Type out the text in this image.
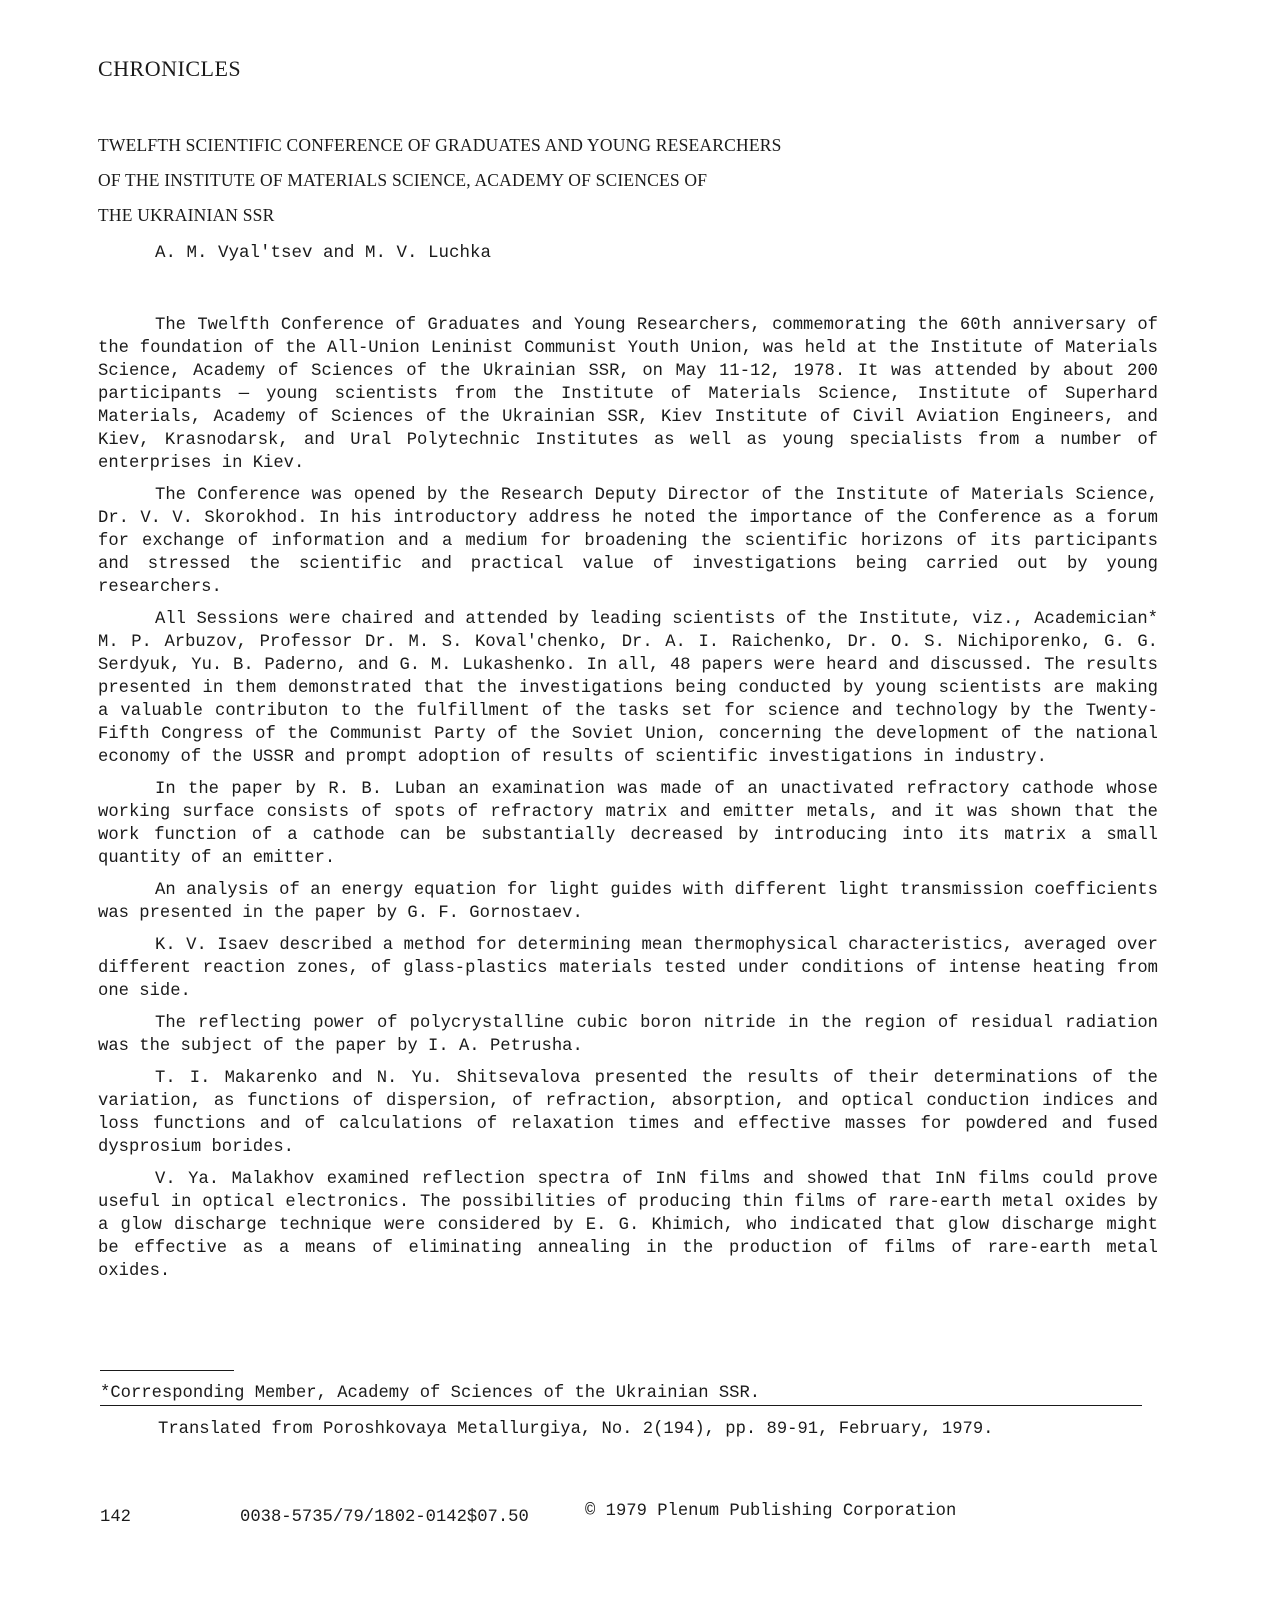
CHRONICLES
TWELFTH SCIENTIFIC CONFERENCE OF GRADUATES AND YOUNG RESEARCHERS
OF THE INSTITUTE OF MATERIALS SCIENCE, ACADEMY OF SCIENCES OF
THE UKRAINIAN SSR

A. M. Vyal'tsev and M. V. Luchka

The Twelfth Conference of Graduates and Young Researchers, commemorating the 60th anniversary of the foundation of the All-Union Leninist Communist Youth Union, was held at the Institute of Materials Science, Academy of Sciences of the Ukrainian SSR, on May 11-12, 1978. It was attended by about 200 participants — young scientists from the Institute of Materials Science, Institute of Superhard Materials, Academy of Sciences of the Ukrainian SSR, Kiev Institute of Civil Aviation Engineers, and Kiev, Krasnodarsk, and Ural Polytechnic Institutes as well as young specialists from a number of enterprises in Kiev.

The Conference was opened by the Research Deputy Director of the Institute of Materials Science, Dr. V. V. Skorokhod. In his introductory address he noted the importance of the Conference as a forum for exchange of information and a medium for broadening the scientific horizons of its participants and stressed the scientific and practical value of investigations being carried out by young researchers.

All Sessions were chaired and attended by leading scientists of the Institute, viz., Academician* M. P. Arbuzov, Professor Dr. M. S. Koval'chenko, Dr. A. I. Raichenko, Dr. O. S. Nichiporenko, G. G. Serdyuk, Yu. B. Paderno, and G. M. Lukashenko. In all, 48 papers were heard and discussed. The results presented in them demonstrated that the investigations being conducted by young scientists are making a valuable contributon to the fulfillment of the tasks set for science and technology by the Twenty-Fifth Congress of the Communist Party of the Soviet Union, concerning the development of the national economy of the USSR and prompt adoption of results of scientific investigations in industry.

In the paper by R. B. Luban an examination was made of an unactivated refractory cathode whose working surface consists of spots of refractory matrix and emitter metals, and it was shown that the work function of a cathode can be substantially decreased by introducing into its matrix a small quantity of an emitter.

An analysis of an energy equation for light guides with different light transmission coefficients was presented in the paper by G. F. Gornostaev.

K. V. Isaev described a method for determining mean thermophysical characteristics, averaged over different reaction zones, of glass-plastics materials tested under conditions of intense heating from one side.

The reflecting power of polycrystalline cubic boron nitride in the region of residual radiation was the subject of the paper by I. A. Petrusha.

T. I. Makarenko and N. Yu. Shitsevalova presented the results of their determinations of the variation, as functions of dispersion, of refraction, absorption, and optical conduction indices and loss functions and of calculations of relaxation times and effective masses for powdered and fused dysprosium borides.

V. Ya. Malakhov examined reflection spectra of InN films and showed that InN films could prove useful in optical electronics. The possibilities of producing thin films of rare-earth metal oxides by a glow discharge technique were considered by E. G. Khimich, who indicated that glow discharge might be effective as a means of eliminating annealing in the production of films of rare-earth metal oxides.

*Corresponding Member, Academy of Sciences of the Ukrainian SSR.

Translated from Poroshkovaya Metallurgiya, No. 2(194), pp. 89-91, February, 1979.

142	0038-5735/79/1802-0142$07.50	© 1979 Plenum Publishing Corporation
